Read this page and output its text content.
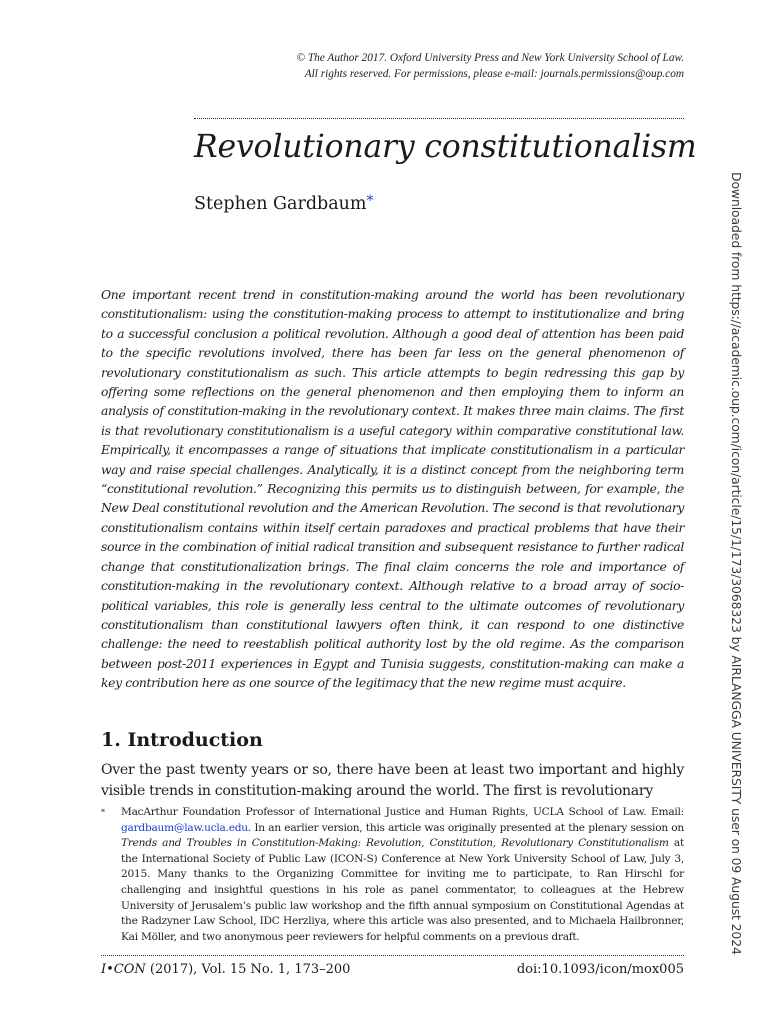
© The Author 2017. Oxford University Press and New York University School of Law.
All rights reserved. For permissions, please e-mail: journals.permissions@oup.com
Revolutionary constitutionalism
Stephen Gardbaum*

One important recent trend in constitution-making around the world has been revolutionary constitutionalism: using the constitution-making process to attempt to institutionalize and bring to a successful conclusion a political revolution. Although a good deal of attention has been paid to the specific revolutions involved, there has been far less on the general phenomenon of revolutionary constitutionalism as such. This article attempts to begin redressing this gap by offering some reflections on the general phenomenon and then employing them to inform an analysis of constitution-making in the revolutionary context. It makes three main claims. The first is that revolutionary constitutionalism is a useful category within comparative constitutional law. Empirically, it encompasses a range of situations that implicate constitutionalism in a particular way and raise special challenges. Analytically, it is a distinct concept from the neighboring term “constitutional revolution.” Recognizing this permits us to distinguish between, for example, the New Deal constitutional revolution and the American Revolution. The second is that revolutionary constitutionalism contains within itself certain paradoxes and practical problems that have their source in the combination of initial radical transition and subsequent resistance to further radical change that constitutionalization brings. The final claim concerns the role and importance of constitution-making in the revolutionary context. Although relative to a broad array of socio-political variables, this role is generally less central to the ultimate outcomes of revolutionary constitutionalism than constitutional lawyers often think, it can respond to one distinctive challenge: the need to reestablish political authority lost by the old regime. As the comparison between post-2011 experiences in Egypt and Tunisia suggests, constitution-making can make a key contribution here as one source of the legitimacy that the new regime must acquire.

1. Introduction

Over the past twenty years or so, there have been at least two important and highly visible trends in constitution-making around the world. The first is revolutionary

* MacArthur Foundation Professor of International Justice and Human Rights, UCLA School of Law. Email: gardbaum@law.ucla.edu. In an earlier version, this article was originally presented at the plenary session on Trends and Troubles in Constitution-Making: Revolution, Constitution, Revolutionary Constitutionalism at the International Society of Public Law (ICON-S) Conference at New York University School of Law, July 3, 2015. Many thanks to the Organizing Committee for inviting me to participate, to Ran Hirschl for challenging and insightful questions in his role as panel commentator, to colleagues at the Hebrew University of Jerusalem’s public law workshop and the fifth annual symposium on Constitutional Agendas at the Radzyner Law School, IDC Herzliya, where this article was also presented, and to Michaela Hailbronner, Kai Möller, and two anonymous peer reviewers for helpful comments on a previous draft.
I•CON (2017), Vol. 15 No. 1, 173–200	doi:10.1093/icon/mox005
Downloaded from https://academic.oup.com/icon/article/15/1/173/3068323 by AIRLANGGA UNIVERSITY user on 09 August 2024
